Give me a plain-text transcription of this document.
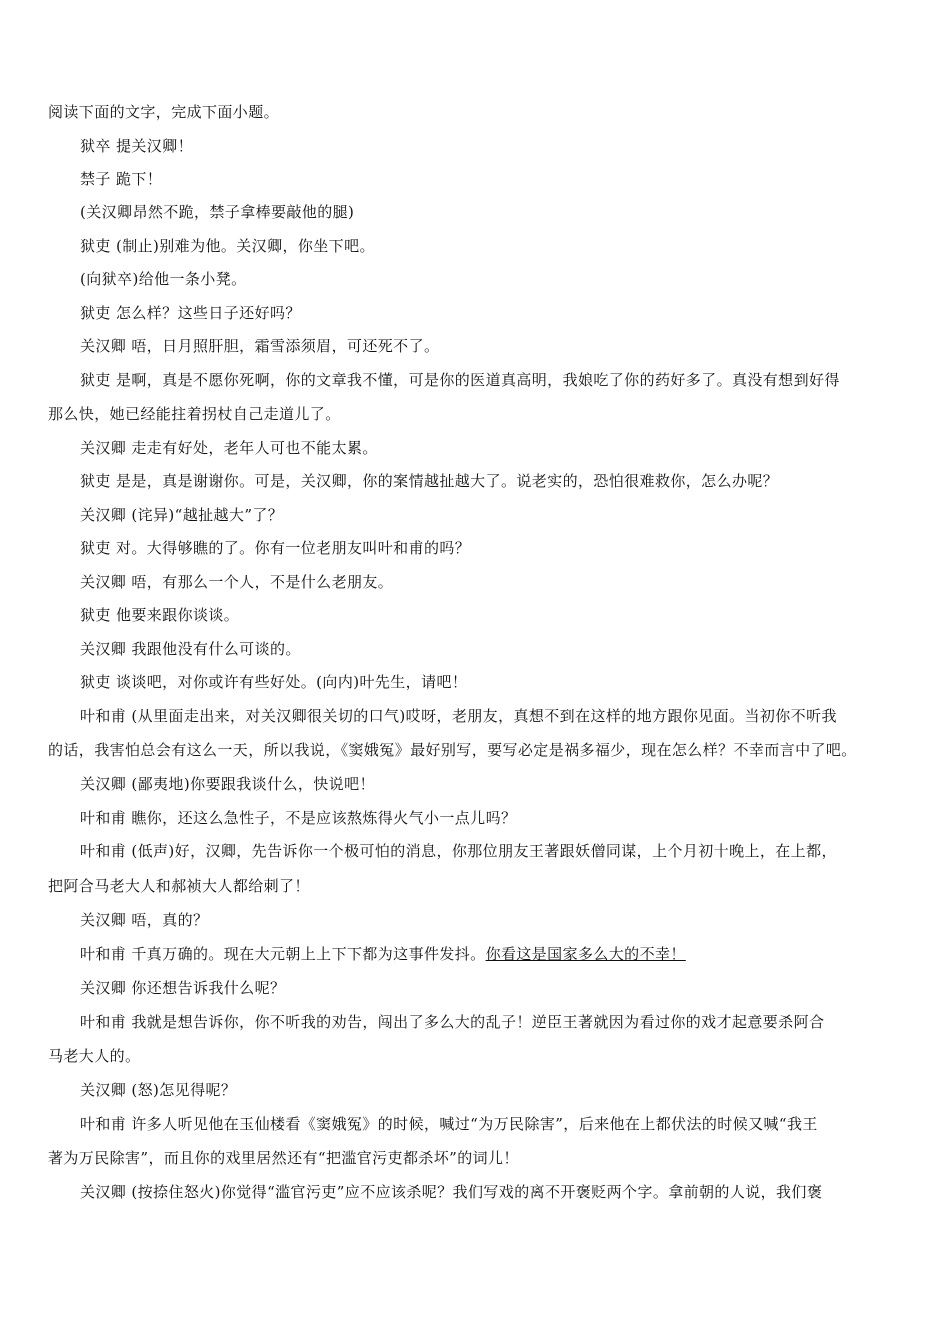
阅读下面的文字，完成下面小题。
狱卒 提关汉卿！
禁子 跪下！
(关汉卿昂然不跪，禁子拿棒要敲他的腿)
狱吏 (制止)别难为他。关汉卿，你坐下吧。
(向狱卒)给他一条小凳。
狱吏 怎么样？这些日子还好吗？
关汉卿 唔，日月照肝胆，霜雪添须眉，可还死不了。
狱吏 是啊，真是不愿你死啊，你的文章我不懂，可是你的医道真高明，我娘吃了你的药好多了。真没有想到好得
那么快，她已经能拄着拐杖自己走道儿了。
关汉卿 走走有好处，老年人可也不能太累。
狱吏 是是，真是谢谢你。可是，关汉卿，你的案情越扯越大了。说老实的，恐怕很难救你，怎么办呢？
关汉卿 (诧异)“越扯越大”了？
狱吏 对。大得够瞧的了。你有一位老朋友叫叶和甫的吗？
关汉卿 唔，有那么一个人，不是什么老朋友。
狱吏 他要来跟你谈谈。
关汉卿 我跟他没有什么可谈的。
狱吏 谈谈吧，对你或许有些好处。(向内)叶先生，请吧！
叶和甫 (从里面走出来，对关汉卿很关切的口气)哎呀，老朋友，真想不到在这样的地方跟你见面。当初你不听我
的话，我害怕总会有这么一天，所以我说，《窦娥冤》最好别写，要写必定是祸多福少，现在怎么样？不幸而言中了吧。
关汉卿 (鄙夷地)你要跟我谈什么，快说吧！
叶和甫 瞧你，还这么急性子，不是应该熬炼得火气小一点儿吗？
叶和甫 (低声)好，汉卿，先告诉你一个极可怕的消息，你那位朋友王著跟妖僧同谋，上个月初十晚上，在上都，
把阿合马老大人和郝祯大人都给刺了！
关汉卿 唔，真的？
叶和甫 千真万确的。现在大元朝上上下下都为这事件发抖。你看这是国家多么大的不幸！
关汉卿 你还想告诉我什么呢？
叶和甫 我就是想告诉你，你不听我的劝告，闯出了多么大的乱子！逆臣王著就因为看过你的戏才起意要杀阿合
马老大人的。
关汉卿 (怒)怎见得呢？
叶和甫 许多人听见他在玉仙楼看《窦娥冤》的时候，喊过“为万民除害”，后来他在上都伏法的时候又喊“我王
著为万民除害”，而且你的戏里居然还有“把滥官污吏都杀坏”的词儿！
关汉卿 (按捺住怒火)你觉得“滥官污吏”应不应该杀呢？我们写戏的离不开褒贬两个字。拿前朝的人说，我们褒
